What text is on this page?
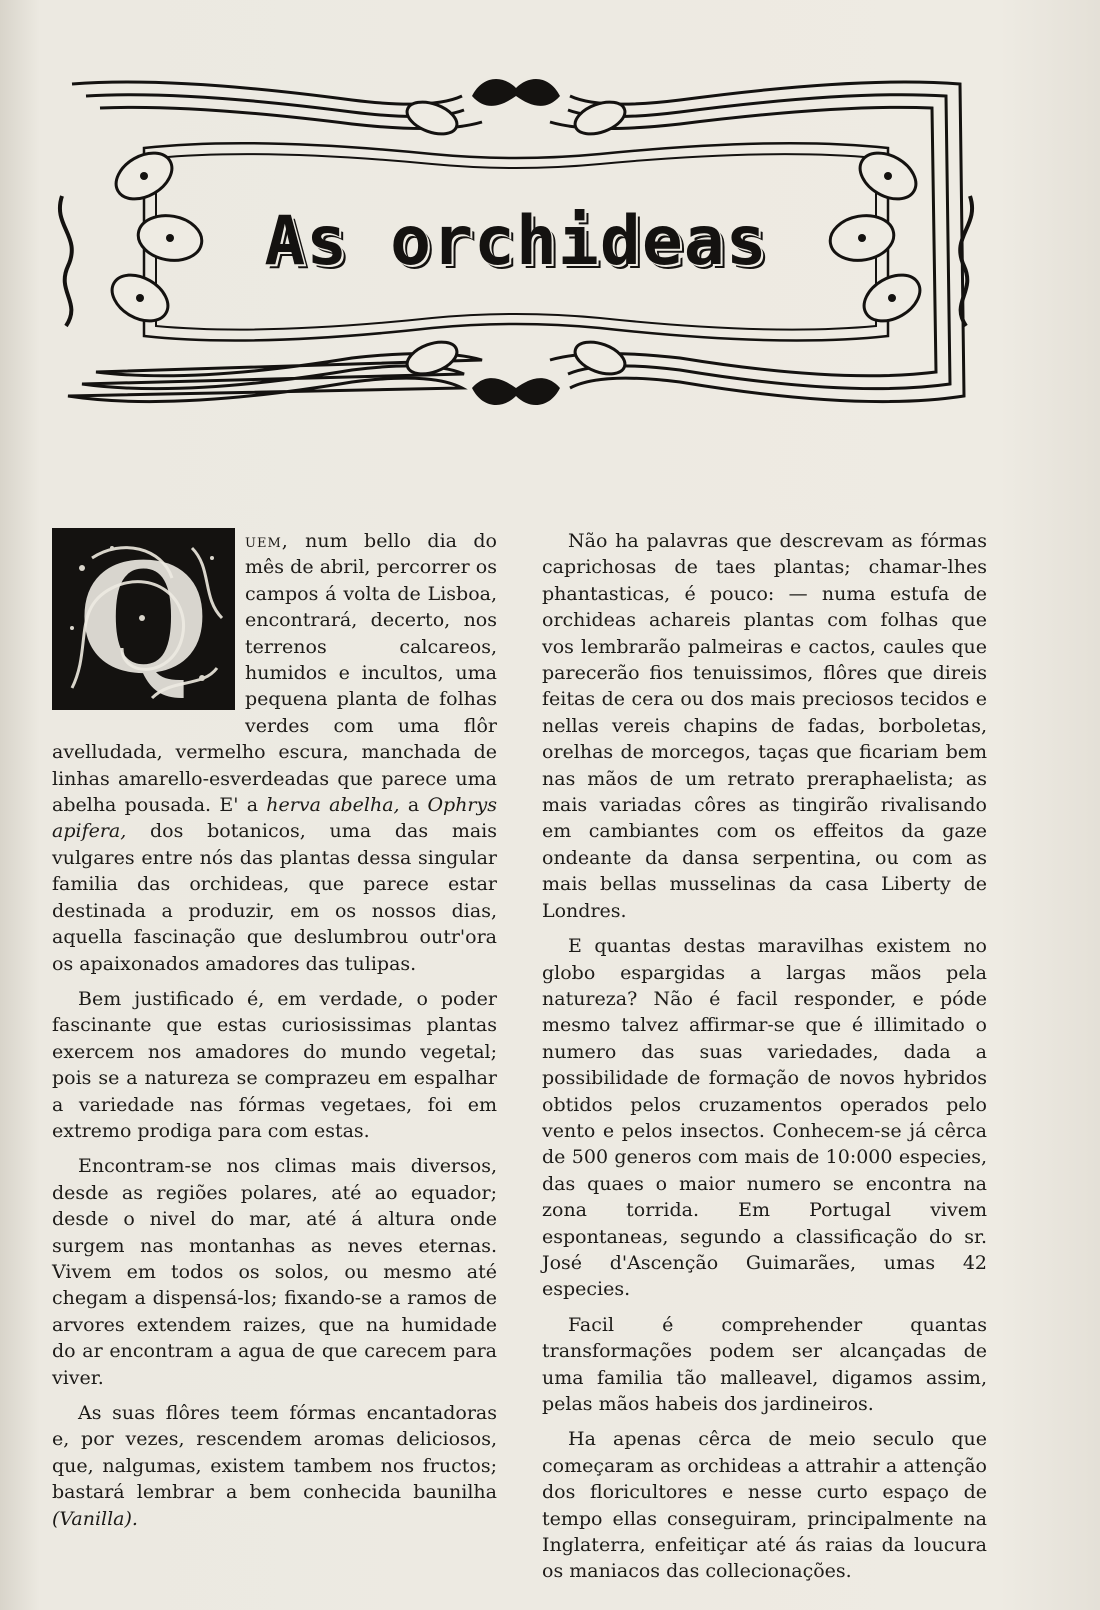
As orchideas

Q	uem, num bello dia do mês de abril, percorrer os campos á volta de Lisboa, encontrará, decerto, nos terrenos calcareos, humidos e incultos, uma pequena planta de folhas verdes com uma flôr avelludada, vermelho escura, manchada de linhas amarello-esverdeadas que parece uma abelha pousada. E' a herva abelha, a Ophrys apifera, dos botanicos, uma das mais vulgares entre nós das plantas dessa singular familia das orchideas, que parece estar destinada a produzir, em os nossos dias, aquella fascinação que deslumbrou outr'ora os apaixonados amadores das tulipas.

Bem justificado é, em verdade, o poder fascinante que estas curiosissimas plantas exercem nos amadores do mundo vegetal; pois se a natureza se comprazeu em espalhar a variedade nas fórmas vegetaes, foi em extremo prodiga para com estas.

Encontram-se nos climas mais diversos, desde as regiões polares, até ao equador; desde o nivel do mar, até á altura onde surgem nas montanhas as neves eternas. Vivem em todos os solos, ou mesmo até chegam a dispensá-los; fixando-se a ramos de arvores extendem raizes, que na humidade do ar encontram a agua de que carecem para viver.

As suas flôres teem fórmas encantadoras e, por vezes, rescendem aromas deliciosos, que, nalgumas, existem tambem nos fructos; bastará lembrar a bem conhecida baunilha (Vanilla).

Não ha palavras que descrevam as fórmas caprichosas de taes plantas; chamar-lhes phantasticas, é pouco: — numa estufa de orchideas achareis plantas com folhas que vos lembrarão palmeiras e cactos, caules que parecerão fios tenuissimos, flôres que direis feitas de cera ou dos mais preciosos tecidos e nellas vereis chapins de fadas, borboletas, orelhas de morcegos, taças que ficariam bem nas mãos de um retrato preraphaelista; as mais variadas côres as tingirão rivalisando em cambiantes com os effeitos da gaze ondeante da dansa serpentina, ou com as mais bellas musselinas da casa Liberty de Londres.

E quantas destas maravilhas existem no globo espargidas a largas mãos pela natureza? Não é facil responder, e póde mesmo talvez affirmar-se que é illimitado o numero das suas variedades, dada a possibilidade de formação de novos hybridos obtidos pelos cruzamentos operados pelo vento e pelos insectos. Conhecem-se já cêrca de 500 generos com mais de 10:000 especies, das quaes o maior numero se encontra na zona torrida. Em Portugal vivem espontaneas, segundo a classificação do sr. José d'Ascenção Guimarães, umas 42 especies.

Facil é comprehender quantas transformações podem ser alcançadas de uma familia tão malleavel, digamos assim, pelas mãos habeis dos jardineiros.

Ha apenas cêrca de meio seculo que começaram as orchideas a attrahir a attenção dos floricultores e nesse curto espaço de tempo ellas conseguiram, principalmente na Inglaterra, enfeitiçar até ás raias da loucura os maniacos das collecionações.
